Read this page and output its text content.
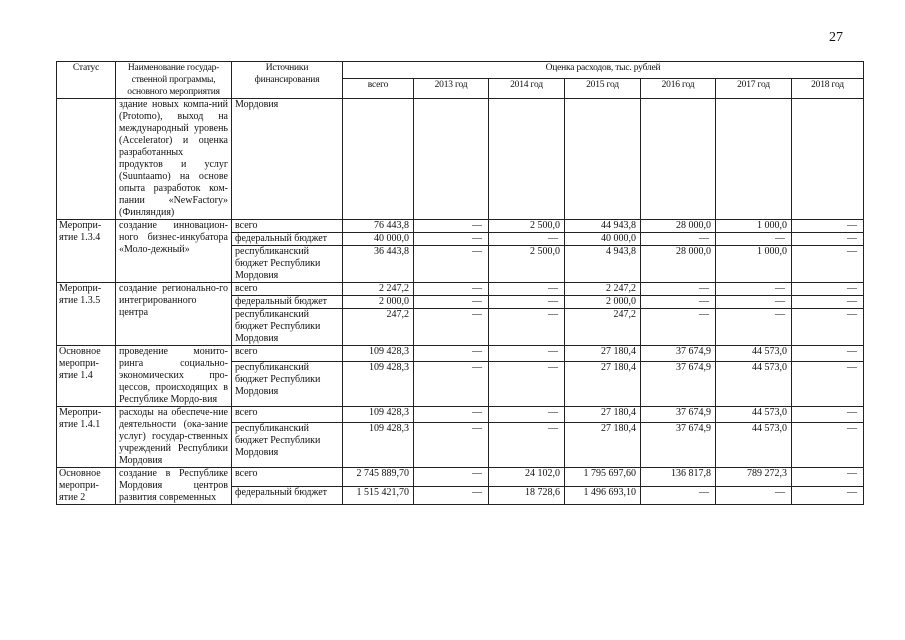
27
Статус	Наименование государ-ственной программы, основного мероприятия	Источники финансирования	Оценка расходов, тыс. рублей						
			всего	2013 год	2014 год	2015 год	2016 год	2017 год	2018 год
	здание новых компа-ний (Protomo), выход на международный уровень (Accelerator) и оценка разработанных продуктов и услуг (Suuntaamo) на основе опыта разработок ком-пании «NewFactory» (Финляндия)	Мордовия							
Меропри-ятие 1.3.4	создание инновацион-ного бизнес-инкубатора «Моло-дежный»	всего	76 443,8	—	2 500,0	44 943,8	28 000,0	1 000,0	—
		федеральный бюджет	40 000,0	—	—	40 000,0	—	—	—
		республиканский бюджет Республики Мордовия	36 443,8	—	2 500,0	4 943,8	28 000,0	1 000,0	—
Меропри-ятие 1.3.5	создание регионально-го интегрированного центра	всего	2 247,2	—	—	2 247,2	—	—	—
		федеральный бюджет	2 000,0	—	—	2 000,0	—	—	—
		республиканский бюджет Республики Мордовия	247,2	—	—	247,2	—	—	—
Основное меропри-ятие 1.4	проведение монито-ринга социально-экономических про-цессов, происходящих в Республике Мордо-вия	всего	109 428,3	—	—	27 180,4	37 674,9	44 573,0	—
		республиканский бюджет Республики Мордовия	109 428,3	—	—	27 180,4	37 674,9	44 573,0	—
Меропри-ятие 1.4.1	расходы на обеспече-ние деятельности (ока-зание услуг) государ-ственных учреждений Республики Мордовия	всего	109 428,3	—	—	27 180,4	37 674,9	44 573,0	—
		республиканский бюджет Республики Мордовия	109 428,3	—	—	27 180,4	37 674,9	44 573,0	—
Основное меропри-ятие 2	создание в Республике Мордовия центров развития современных	всего	2 745 889,70	—	24 102,0	1 795 697,60	136 817,8	789 272,3	—
		федеральный бюджет	1 515 421,70	—	18 728,6	1 496 693,10	—	—	—
